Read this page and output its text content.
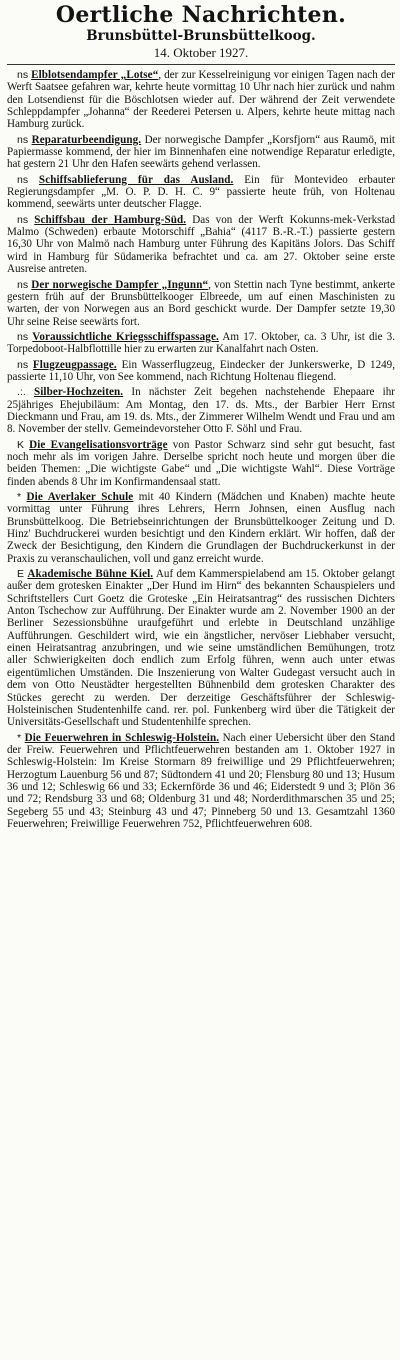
Oertliche Nachrichten.
Brunsbüttel-Brunsbüttelkoog.
14. Oktober 1927.

ns Elblotsendampfer „Lotse“, der zur Kesselreinigung vor einigen Tagen nach der Werft Saatsee gefahren war, kehrte heute vormittag 10 Uhr nach hier zurück und nahm den Lotsendienst für die Böschlotsen wieder auf. Der während der Zeit verwendete Schleppdampfer „Johanna“ der Reederei Petersen u. Alpers, kehrte heute mittag nach Hamburg zurück.

ns Reparaturbeendigung. Der norwegische Dampfer „Korsfjorn“ aus Raumö, mit Papiermasse kommend, der hier im Binnenhafen eine notwendige Reparatur erledigte, hat gestern 21 Uhr den Hafen seewärts gehend verlassen.

ns Schiffsablieferung für das Ausland. Ein für Montevideo erbauter Regierungsdampfer „M. O. P. D. H. C. 9“ passierte heute früh, von Holtenau kommend, seewärts unter deutscher Flagge.

ns Schiffsbau der Hamburg-Süd. Das von der Werft Kokunns-mek-Verkstad Malmo (Schweden) erbaute Motorschiff „Bahia“ (4117 B.-R.-T.) passierte gestern 16,30 Uhr von Malmö nach Hamburg unter Führung des Kapitäns Jolors. Das Schiff wird in Hamburg für Südamerika befrachtet und ca. am 27. Oktober seine erste Ausreise antreten.

ns Der norwegische Dampfer „Ingunn“, von Stettin nach Tyne bestimmt, ankerte gestern früh auf der Brunsbüttelkooger Elbreede, um auf einen Maschinisten zu warten, der von Norwegen aus an Bord geschickt wurde. Der Dampfer setzte 19,30 Uhr seine Reise seewärts fort.

ns Voraussichtliche Kriegsschiffspassage. Am 17. Oktober, ca. 3 Uhr, ist die 3. Torpedoboot-Halbflottille hier zu erwarten zur Kanalfahrt nach Osten.

ns Flugzeugpassage. Ein Wasserflugzeug, Eindecker der Junkerswerke, D 1249, passierte 11,10 Uhr, von See kommend, nach Richtung Holtenau fliegend.

.:. Silber-Hochzeiten. In nächster Zeit begehen nachstehende Ehepaare ihr 25jähriges Ehejubiläum: Am Montag, den 17. ds. Mts., der Barbier Herr Ernst Dieckmann und Frau, am 19. ds. Mts., der Zimmerer Wilhelm Wendt und Frau und am 8. November der stellv. Gemeindevorsteher Otto F. Söhl und Frau.

K Die Evangelisationsvorträge von Pastor Schwarz sind sehr gut besucht, fast noch mehr als im vorigen Jahre. Derselbe spricht noch heute und morgen über die beiden Themen: „Die wichtigste Gabe“ und „Die wichtigste Wahl“. Diese Vorträge finden abends 8 Uhr im Konfirmandensaal statt.

* Die Averlaker Schule mit 40 Kindern (Mädchen und Knaben) machte heute vormittag unter Führung ihres Lehrers, Herrn Johnsen, einen Ausflug nach Brunsbüttelkoog. Die Betriebseinrichtungen der Brunsbüttelkooger Zeitung und D. Hinz' Buchdruckerei wurden besichtigt und den Kindern erklärt. Wir hoffen, daß der Zweck der Besichtigung, den Kindern die Grundlagen der Buchdruckerkunst in der Praxis zu veranschaulichen, voll und ganz erreicht wurde.

E Akademische Bühne Kiel. Auf dem Kammerspielabend am 15. Oktober gelangt außer dem grotesken Einakter „Der Hund im Hirn“ des bekannten Schauspielers und Schriftstellers Curt Goetz die Groteske „Ein Heiratsantrag“ des russischen Dichters Anton Tschechow zur Aufführung. Der Einakter wurde am 2. November 1900 an der Berliner Sezessionsbühne uraufgeführt und erlebte in Deutschland unzählige Aufführungen. Geschildert wird, wie ein ängstlicher, nervöser Liebhaber versucht, einen Heiratsantrag anzubringen, und wie seine umständlichen Bemühungen, trotz aller Schwierigkeiten doch endlich zum Erfolg führen, wenn auch unter etwas eigentümlichen Umständen. Die Inszenierung von Walter Gudegast versucht auch in dem von Otto Neustädter hergestellten Bühnenbild dem grotesken Charakter des Stückes gerecht zu werden. Der derzeitige Geschäftsführer der Schleswig-Holsteinischen Studentenhilfe cand. rer. pol. Funkenberg wird über die Tätigkeit der Universitäts-Gesellschaft und Studentenhilfe sprechen.

* Die Feuerwehren in Schleswig-Holstein. Nach einer Uebersicht über den Stand der Freiw. Feuerwehren und Pflichtfeuerwehren bestanden am 1. Oktober 1927 in Schleswig-Holstein: Im Kreise Stormarn 89 freiwillige und 29 Pflichtfeuerwehren; Herzogtum Lauenburg 56 und 87; Südtondern 41 und 20; Flensburg 80 und 13; Husum 36 und 12; Schleswig 66 und 33; Eckernförde 36 und 46; Eiderstedt 9 und 3; Plön 36 und 72; Rendsburg 33 und 68; Oldenburg 31 und 48; Norderdithmarschen 35 und 25; Segeberg 55 und 43; Steinburg 43 und 47; Pinneberg 50 und 13. Gesamtzahl 1360 Feuerwehren; Freiwillige Feuerwehren 752, Pflichtfeuerwehren 608.
